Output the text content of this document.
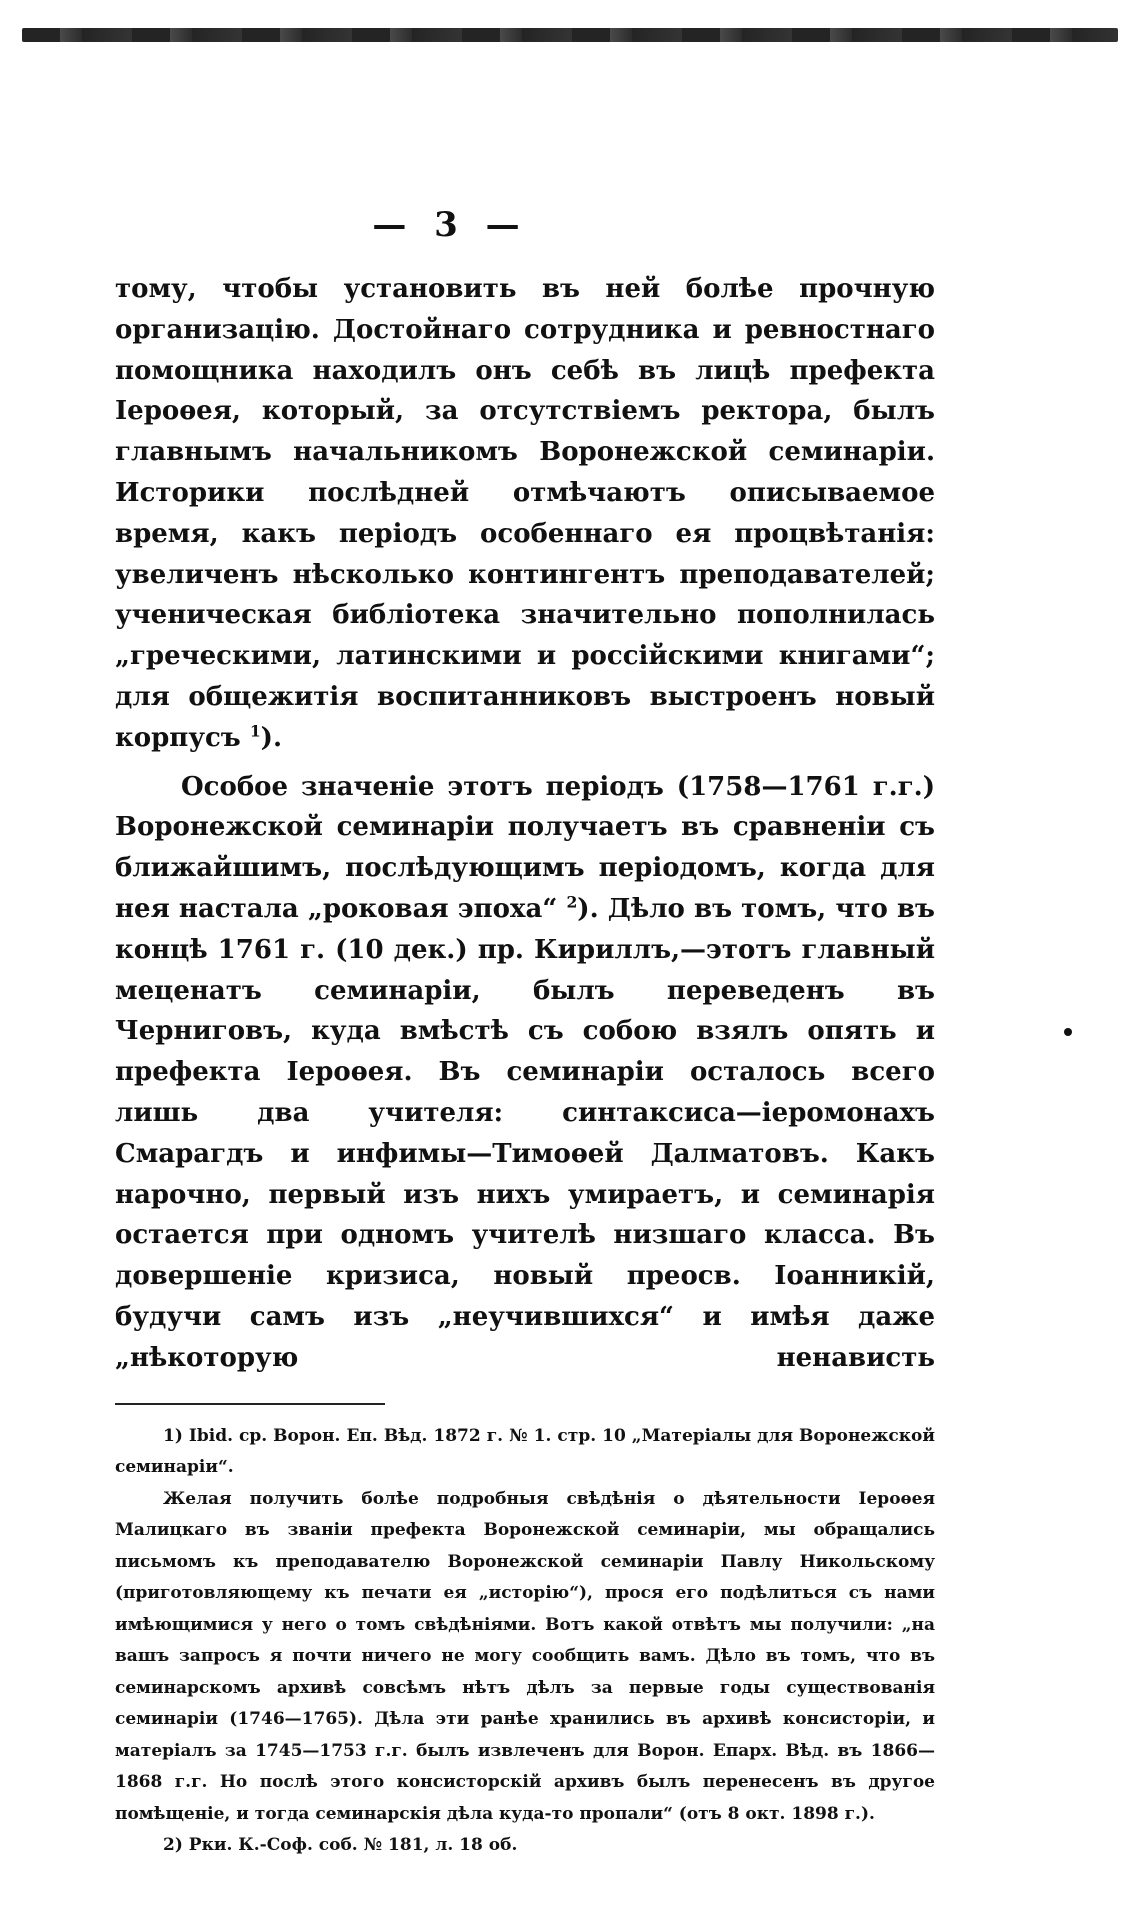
— 3 —

тому, чтобы установить въ ней болѣе прочную организацію. Достойнаго сотрудника и ревностнаго помощника находилъ онъ себѣ въ лицѣ префекта Іероѳея, который, за отсутствіемъ ректора, былъ главнымъ начальникомъ Воронежской семинаріи. Историки послѣдней отмѣчаютъ описываемое время, какъ періодъ особеннаго ея процвѣтанія: увеличенъ нѣсколько контингентъ преподавателей; ученическая библіотека значительно пополнилась „греческими, латинскими и россійскими книгами“; для общежитія воспитанниковъ выстроенъ новый корпусъ $^1$).

Особое значеніе этотъ періодъ (1758—1761 г.г.) Воронежской семинаріи получаетъ въ сравненіи съ ближайшимъ, послѣдующимъ періодомъ, когда для нея настала „роковая эпоха“ $^2$). Дѣло въ томъ, что въ концѣ 1761 г. (10 дек.) пр. Кириллъ,—этотъ главный меценатъ семинаріи, былъ переведенъ въ Черниговъ, куда вмѣстѣ съ собою взялъ опять и префекта Іероѳея. Въ семинаріи осталось всего лишь два учителя: синтаксиса—іеромонахъ Смарагдъ и инфимы—Тимоѳей Далматовъ. Какъ нарочно, первый изъ нихъ умираетъ, и семинарія остается при одномъ учителѣ низшаго класса. Въ довершеніе кризиса, новый преосв. Іоанникій, будучи самъ изъ „неучившихся“ и имѣя даже „нѣкоторую ненависть

1) Ibid. ср. Ворон. Еп. Вѣд. 1872 г. № 1. стр. 10 „Матеріалы для Воронежской семинаріи“.

Желая получить болѣе подробныя свѣдѣнія о дѣятельности Іероѳея Малицкаго въ званіи префекта Воронежской семинаріи, мы обращались письмомъ къ преподавателю Воронежской семинаріи Павлу Никольскому (приготовляющему къ печати ея „исторію“), прося его подѣлиться съ нами имѣющимися у него о томъ свѣдѣніями. Вотъ какой отвѣтъ мы получили: „на вашъ запросъ я почти ничего не могу сообщить вамъ. Дѣло въ томъ, что въ семинарскомъ архивѣ совсѣмъ нѣтъ дѣлъ за первые годы существованія семинаріи (1746—1765). Дѣла эти ранѣе хранились въ архивѣ консисторіи, и матеріалъ за 1745—1753 г.г. былъ извлеченъ для Ворон. Епарх. Вѣд. въ 1866—1868 г.г. Но послѣ этого консисторскій архивъ былъ перенесенъ въ другое помѣщеніе, и тогда семинарскія дѣла куда-то пропали“ (отъ 8 окт. 1898 г.).

2) Рки. К.-Соф. соб. № 181, л. 18 об.
